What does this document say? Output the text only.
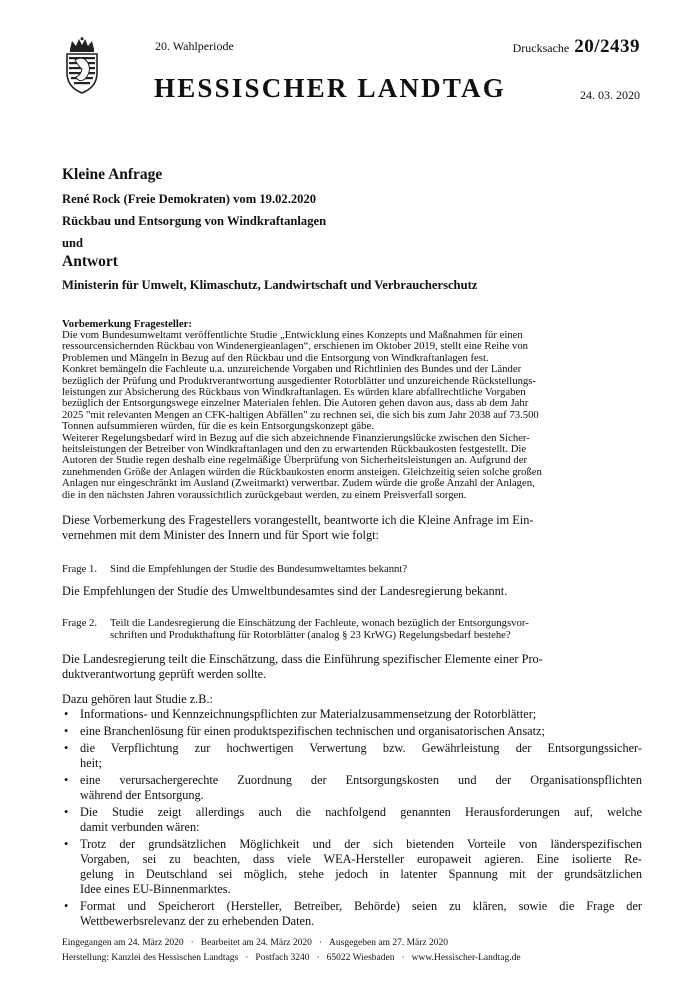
20. Wahlperiode	Drucksache 20/2439
HESSISCHER LANDTAG	24. 03. 2020
Kleine Anfrage
René Rock (Freie Demokraten) vom 19.02.2020
Rückbau und Entsorgung von Windkraftanlagen
und
Antwort
Ministerin für Umwelt, Klimaschutz, Landwirtschaft und Verbraucherschutz
Vorbemerkung Fragesteller:

Die vom Bundesumweltamt veröffentlichte Studie „Entwicklung eines Konzepts und Maßnahmen für einen
ressourcensichernden Rückbau von Windenergieanlagen“, erschienen im Oktober 2019, stellt eine Reihe von
Problemen und Mängeln in Bezug auf den Rückbau und die Entsorgung von Windkraftanlagen fest.
Konkret bemängeln die Fachleute u.a. unzureichende Vorgaben und Richtlinien des Bundes und der Länder
bezüglich der Prüfung und Produktverantwortung ausgedienter Rotorblätter und unzureichende Rückstellungs-
leistungen zur Absicherung des Rückbaus von Windkraftanlagen. Es würden klare abfallrechtliche Vorgaben
bezüglich der Entsorgungswege einzelner Materialen fehlen. Die Autoren gehen davon aus, dass ab dem Jahr
2025 "mit relevanten Mengen an CFK-haltigen Abfällen" zu rechnen sei, die sich bis zum Jahr 2038 auf 73.500
Tonnen aufsummieren würden, für die es kein Entsorgungskonzept gäbe.
Weiterer Regelungsbedarf wird in Bezug auf die sich abzeichnende Finanzierungslücke zwischen den Sicher-
heitsleistungen der Betreiber von Windkraftanlagen und den zu erwartenden Rückbaukosten festgestellt. Die
Autoren der Studie regen deshalb eine regelmäßige Überprüfung von Sicherheitsleistungen an. Aufgrund der
zunehmenden Größe der Anlagen würden die Rückbaukosten enorm ansteigen. Gleichzeitig seien solche großen
Anlagen nur eingeschränkt im Ausland (Zweitmarkt) verwertbar. Zudem würde die große Anzahl der Anlagen,
die in den nächsten Jahren voraussichtlich zurückgebaut werden, zu einem Preisverfall sorgen.

Diese Vorbemerkung des Fragestellers vorangestellt, beantworte ich die Kleine Anfrage im Ein-
vernehmen mit dem Minister des Innern und für Sport wie folgt:

Frage 1.	Sind die Empfehlungen der Studie des Bundesumweltamtes bekannt?

Die Empfehlungen der Studie des Umweltbundesamtes sind der Landesregierung bekannt.

Frage 2.	Teilt die Landesregierung die Einschätzung der Fachleute, wonach bezüglich der Entsorgungsvor-
schriften und Produkthaftung für Rotorblätter (analog § 23 KrWG) Regelungsbedarf bestehe?

Die Landesregierung teilt die Einschätzung, dass die Einführung spezifischer Elemente einer Pro-
duktverantwortung geprüft werden sollte.

Dazu gehören laut Studie z.B.:

• Informations- und Kennzeichnungspflichten zur Materialzusammensetzung der Rotorblätter;
• eine Branchenlösung für einen produktspezifischen technischen und organisatorischen Ansatz;
• die Verpflichtung zur hochwertigen Verwertung bzw. Gewährleistung der Entsorgungssicher-
heit;
• eine verursachergerechte Zuordnung der Entsorgungskosten und der Organisationspflichten
während der Entsorgung.
• Die Studie zeigt allerdings auch die nachfolgend genannten Herausforderungen auf, welche
damit verbunden wären:
• Trotz der grundsätzlichen Möglichkeit und der sich bietenden Vorteile von länderspezifischen
Vorgaben, sei zu beachten, dass viele WEA-Hersteller europaweit agieren. Eine isolierte Re-
gelung in Deutschland sei möglich, stehe jedoch in latenter Spannung mit der grundsätzlichen
Idee eines EU-Binnenmarktes.
• Format und Speicherort (Hersteller, Betreiber, Behörde) seien zu klären, sowie die Frage der
Wettbewerbsrelevanz der zu erhebenden Daten.
Eingegangen am 24. März 2020 · Bearbeitet am 24. März 2020 · Ausgegeben am 27. März 2020
Herstellung: Kanzlei des Hessischen Landtags · Postfach 3240 · 65022 Wiesbaden · www.Hessischer-Landtag.de
